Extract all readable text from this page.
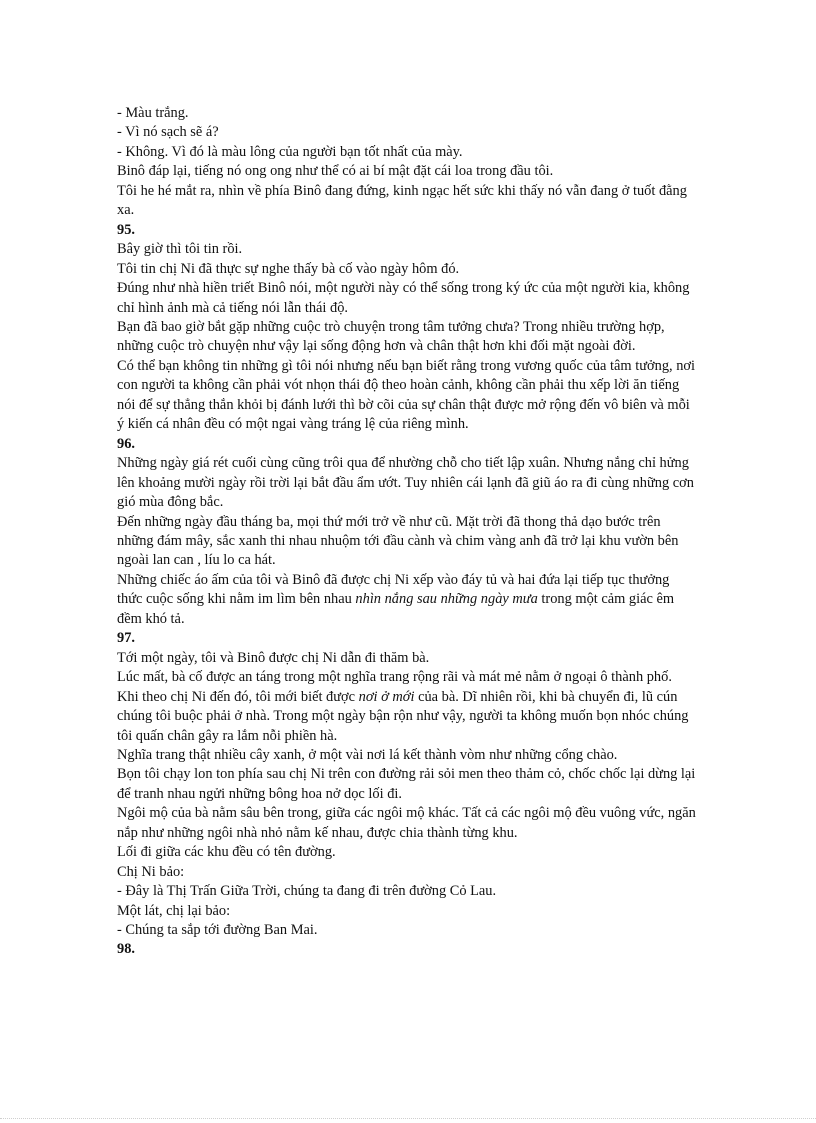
- Màu trắng.

- Vì nó sạch sẽ á?

- Không. Vì đó là màu lông của người bạn tốt nhất của mày.

Binô đáp lại, tiếng nó ong ong như thể có ai bí mật đặt cái loa trong đầu tôi.

Tôi he hé mắt ra, nhìn về phía Binô đang đứng, kinh ngạc hết sức khi thấy nó vẫn đang ở tuốt đằng xa.

95.

Bây giờ thì tôi tin rồi.

Tôi tin chị Ni đã thực sự nghe thấy bà cố vào ngày hôm đó.

Đúng như nhà hiền triết Binô nói, một người này có thể sống trong ký ức của một người kia, không chỉ hình ảnh mà cả tiếng nói lẫn thái độ.

Bạn đã bao giờ bắt gặp những cuộc trò chuyện trong tâm tưởng chưa? Trong nhiều trường hợp, những cuộc trò chuyện như vậy lại sống động hơn và chân thật hơn khi đối mặt ngoài đời.

Có thể bạn không tin những gì tôi nói nhưng nếu bạn biết rằng trong vương quốc của tâm tưởng, nơi con người ta không cần phải vót nhọn thái độ theo hoàn cảnh, không cần phải thu xếp lời ăn tiếng nói để sự thẳng thắn khỏi bị đánh lưới thì bờ cõi của sự chân thật được mở rộng đến vô biên và mỗi ý kiến cá nhân đều có một ngai vàng tráng lệ của riêng mình.

96.

Những ngày giá rét cuối cùng cũng trôi qua để nhường chỗ cho tiết lập xuân. Nhưng nắng chỉ hửng lên khoảng mười ngày rồi trời lại bắt đầu ẩm ướt. Tuy nhiên cái lạnh đã giũ áo ra đi cùng những cơn gió mùa đông bắc.

Đến những ngày đầu tháng ba, mọi thứ mới trở về như cũ. Mặt trời đã thong thả dạo bước trên những đám mây, sắc xanh thi nhau nhuộm tới đầu cành và chim vàng anh đã trở lại khu vườn bên ngoài lan can , líu lo ca hát.

Những chiếc áo ấm của tôi và Binô đã được chị Ni xếp vào đáy tủ và hai đứa lại tiếp tục thưởng thức cuộc sống khi nằm im lìm bên nhau nhìn nắng sau những ngày mưa trong một cảm giác êm đềm khó tả.

97.

Tới một ngày, tôi và Binô được chị Ni dẫn đi thăm bà.

Lúc mất, bà cố được an táng trong một nghĩa trang rộng rãi và mát mẻ nằm ở ngoại ô thành phố. Khi theo chị Ni đến đó, tôi mới biết được nơi ở mới của bà. Dĩ nhiên rồi, khi bà chuyển đi, lũ cún chúng tôi buộc phải ở nhà. Trong một ngày bận rộn như vậy, người ta không muốn bọn nhóc chúng tôi quấn chân gây ra lắm nỗi phiền hà.

Nghĩa trang thật nhiều cây xanh, ở một vài nơi lá kết thành vòm như những cổng chào.

Bọn tôi chạy lon ton phía sau chị Ni trên con đường rải sỏi men theo thảm cỏ, chốc chốc lại dừng lại để tranh nhau ngửi những bông hoa nở dọc lối đi.

Ngôi mộ của bà nằm sâu bên trong, giữa các ngôi mộ khác. Tất cả các ngôi mộ đều vuông vức, ngăn nắp như những ngôi nhà nhỏ nằm kế nhau, được chia thành từng khu.

Lối đi giữa các khu đều có tên đường.

Chị Ni bảo:

- Đây là Thị Trấn Giữa Trời, chúng ta đang đi trên đường Cỏ Lau.

Một lát, chị lại bảo:

- Chúng ta sắp tới đường Ban Mai.

98.
